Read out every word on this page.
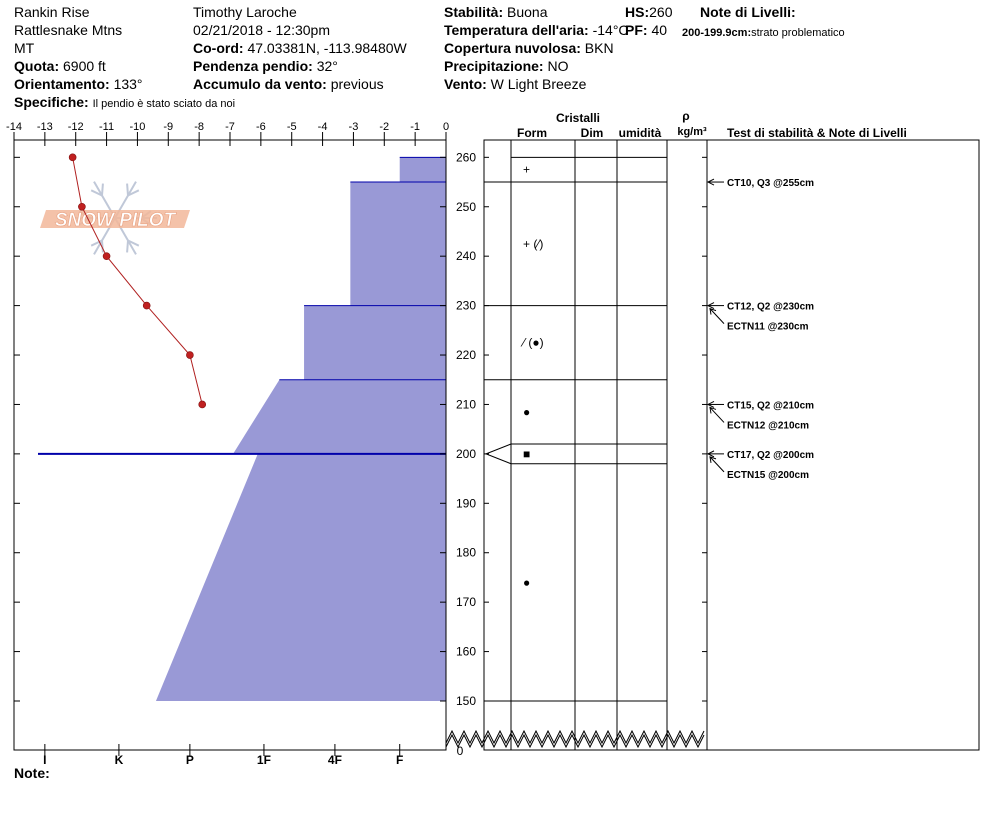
Rankin Rise
Rattlesnake Mtns
MT
Quota: 6900 ft
Orientamento: 133°
Specifiche: Il pendio è stato sciato da noi
Timothy Laroche
02/21/2018 - 12:30pm
Co-ord: 47.03381N, -113.98480W
Pendenza pendio: 32°
Accumulo da vento: previous
Stabilità: Buona
Temperatura dell'aria: -14°C
Copertura nuvolosa: BKN
Precipitazione: NO
Vento: W Light Breeze
HS:260
PF: 40
Note di Livelli:
200-199.9cm:strato problematico
Note:
SNOW PILOT
-14 -13 -12 -11 -10 -9 -8 -7 -6 -5 -4 -3 -2 -1 0
I	K	P	1F	4F	F
150
160
170
180
190
200
210
220
230
240
250
260
0
Cristalli
Form	Dim umidità
ρ
kg/m³ Test di stabilità & Note di Livelli
+
+ (⁄)
⁄ (●)
●
■
●
CT10, Q3 @255cm
CT12, Q2 @230cm
ECTN11 @230cm
CT15, Q2 @210cm
ECTN12 @210cm
CT17, Q2 @200cm
ECTN15 @200cm
